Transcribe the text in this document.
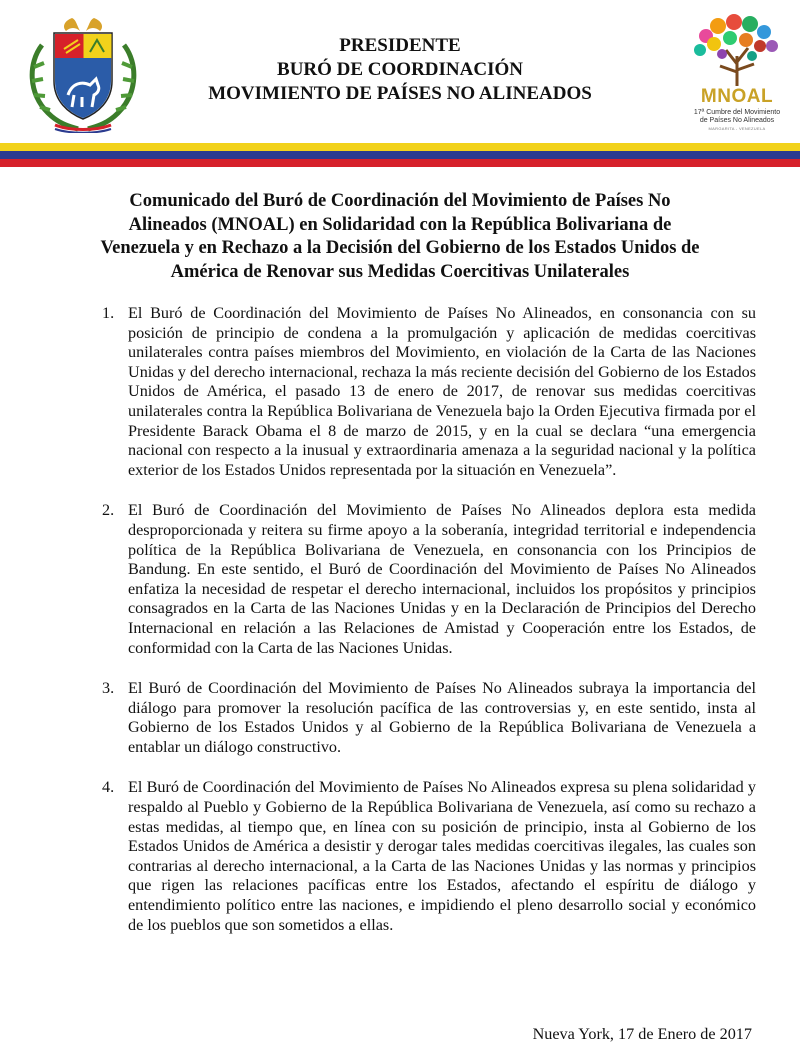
PRESIDENTE
BURÓ DE COORDINACIÓN
MOVIMIENTO DE PAÍSES NO ALINEADOS	MNOAL
17ª Cumbre del Movimiento
de Países No Alineados
MARGARITA - VENEZUELA
Comunicado del Buró de Coordinación del Movimiento de Países No Alineados (MNOAL) en Solidaridad con la República Bolivariana de Venezuela y en Rechazo a la Decisión del Gobierno de los Estados Unidos de América de Renovar sus Medidas Coercitivas Unilaterales
1. El Buró de Coordinación del Movimiento de Países No Alineados, en consonancia con su posición de principio de condena a la promulgación y aplicación de medidas coercitivas unilaterales contra países miembros del Movimiento, en violación de la Carta de las Naciones Unidas y del derecho internacional, rechaza la más reciente decisión del Gobierno de los Estados Unidos de América, el pasado 13 de enero de 2017, de renovar sus medidas coercitivas unilaterales contra la República Bolivariana de Venezuela bajo la Orden Ejecutiva firmada por el Presidente Barack Obama el 8 de marzo de 2015, y en la cual se declara “una emergencia nacional con respecto a la inusual y extraordinaria amenaza a la seguridad nacional y la política exterior de los Estados Unidos representada por la situación en Venezuela”.
2. El Buró de Coordinación del Movimiento de Países No Alineados deplora esta medida desproporcionada y reitera su firme apoyo a la soberanía, integridad territorial e independencia política de la República Bolivariana de Venezuela, en consonancia con los Principios de Bandung. En este sentido, el Buró de Coordinación del Movimiento de Países No Alineados enfatiza la necesidad de respetar el derecho internacional, incluidos los propósitos y principios consagrados en la Carta de las Naciones Unidas y en la Declaración de Principios del Derecho Internacional en relación a las Relaciones de Amistad y Cooperación entre los Estados, de conformidad con la Carta de las Naciones Unidas.
3. El Buró de Coordinación del Movimiento de Países No Alineados subraya la importancia del diálogo para promover la resolución pacífica de las controversias y, en este sentido, insta al Gobierno de los Estados Unidos y al Gobierno de la República Bolivariana de Venezuela a entablar un diálogo constructivo.
4. El Buró de Coordinación del Movimiento de Países No Alineados expresa su plena solidaridad y respaldo al Pueblo y Gobierno de la República Bolivariana de Venezuela, así como su rechazo a estas medidas, al tiempo que, en línea con su posición de principio, insta al Gobierno de los Estados Unidos de América a desistir y derogar tales medidas coercitivas ilegales, las cuales son contrarias al derecho internacional, a la Carta de las Naciones Unidas y las normas y principios que rigen las relaciones pacíficas entre los Estados, afectando el espíritu de diálogo y entendimiento político entre las naciones, e impidiendo el pleno desarrollo social y económico de los pueblos que son sometidos a ellas.
Nueva York, 17 de Enero de 2017
